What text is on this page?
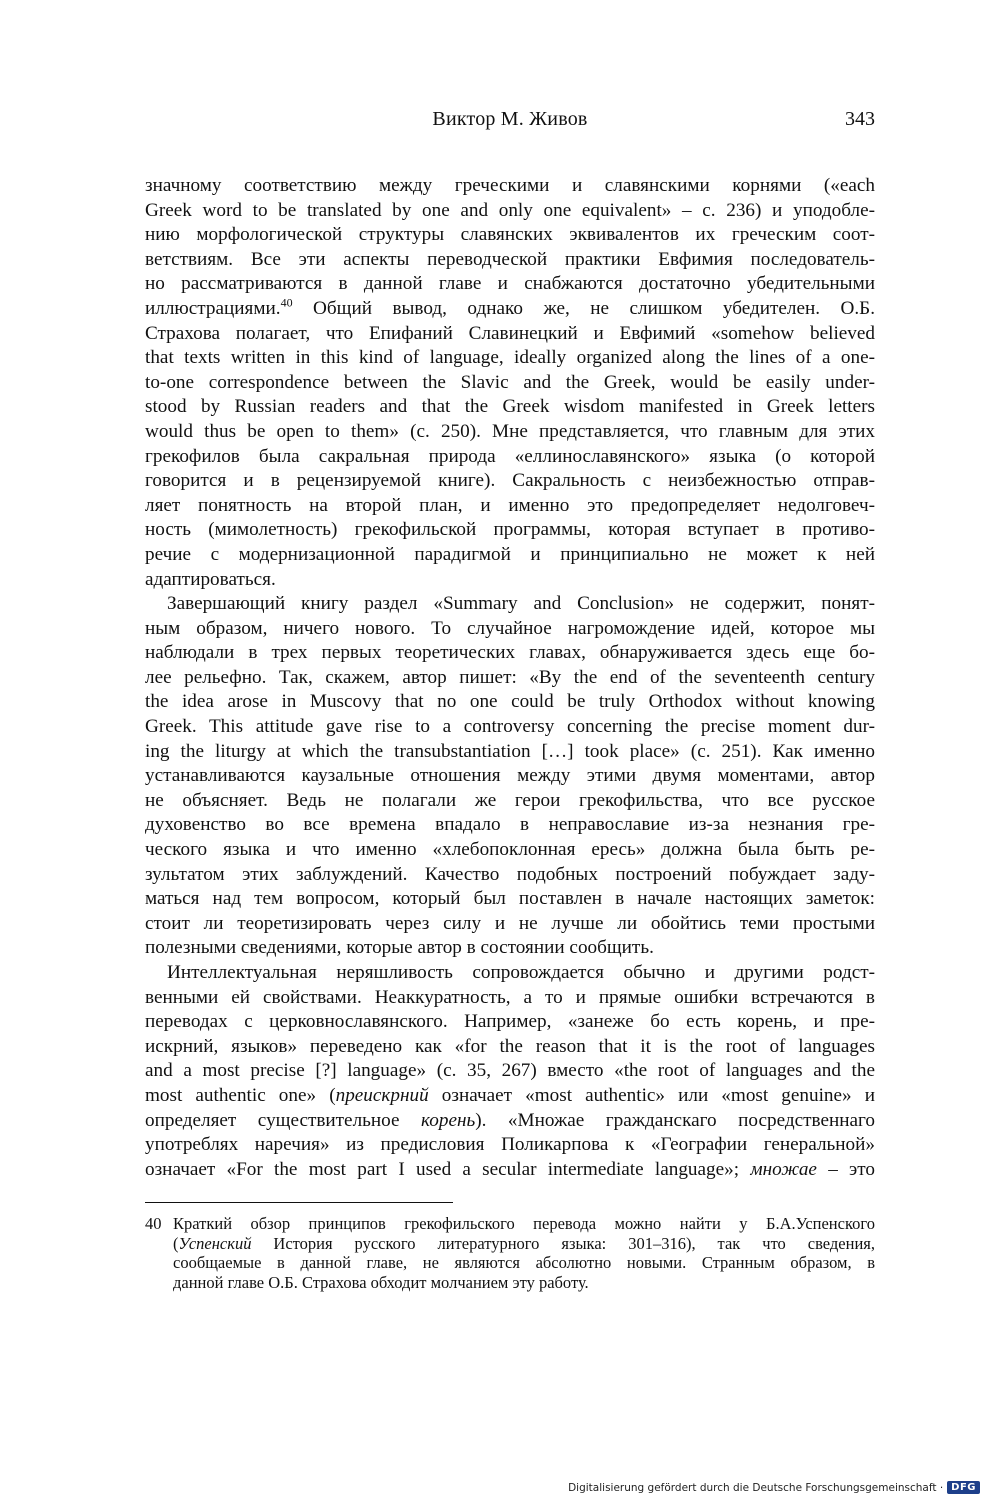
Виктор М. Живов	343
значному соответствию между греческими и славянскими корнями («each
Greek word to be translated by one and only one equivalent» – c. 236) и уподобле-
нию морфологической структуры славянских эквивалентов их греческим соот-
ветствиям. Все эти аспекты переводческой практики Евфимия последователь-
но рассматриваются в данной главе и снабжаются достаточно убедительными
иллюстрациями.$^{40}$ Общий вывод, однако же, не слишком убедителен. О.Б.
Страхова полагает, что Епифаний Славинецкий и Евфимий «somehow believed
that texts written in this kind of language, ideally organized along the lines of a one-
to-one correspondence between the Slavic and the Greek, would be easily under-
stood by Russian readers and that the Greek wisdom manifested in Greek letters
would thus be open to them» (c. 250). Мне представляется, что главным для этих
грекофилов была сакральная природа «еллинославянского» языка (о которой
говорится и в рецензируемой книге). Сакральность с неизбежностью отправ-
ляет понятность на второй план, и именно это предопределяет недолговеч-
ность (мимолетность) грекофильской программы, которая вступает в противо-
речие с модернизационной парадигмой и принципиально не может к ней
адаптироваться.
Завершающий книгу раздел «Summary and Conclusion» не содержит, понят-
ным образом, ничего нового. То случайное нагромождение идей, которое мы
наблюдали в трех первых теоретических главах, обнаруживается здесь еще бо-
лее рельефно. Так, скажем, автор пишет: «By the end of the seventeenth century
the idea arose in Muscovy that no one could be truly Orthodox without knowing
Greek. This attitude gave rise to a controversy concerning the precise moment dur-
ing the liturgy at which the transubstantiation […] took place» (c. 251). Как именно
устанавливаются каузальные отношения между этими двумя моментами, автор
не объясняет. Ведь не полагали же герои грекофильства, что все русское
духовенство во все времена впадало в неправославие из-за незнания гре-
ческого языка и что именно «хлебопоклонная ересь» должна была быть ре-
зультатом этих заблуждений. Качество подобных построений побуждает заду-
маться над тем вопросом, который был поставлен в начале настоящих заметок:
стоит ли теоретизировать через силу и не лучше ли обойтись теми простыми
полезными сведениями, которые автор в состоянии сообщить.
Интеллектуальная неряшливость сопровождается обычно и другими родст-
венными ей свойствами. Неаккуратность, а то и прямые ошибки встречаются в
переводах с церковнославянского. Например, «занеже бо есть корень, и пре-
искрний, языков» переведено как «for the reason that it is the root of languages
and a most precise [?] language» (c. 35, 267) вместо «the root of languages and the
most authentic one» (преискрний означает «most authentic» или «most genuine» и
определяет существительное корень). «Множае гражданскаго посредственнаго
употреблях наречия» из предисловия Поликарпова к «Географии генеральной»
означает «For the most part I used a secular intermediate language»; множае – это
40 Краткий обзор принципов грекофильского перевода можно найти у Б.А.Успенского
(Успенский История русского литературного языка: 301–316), так что сведения,
сообщаемые в данной главе, не являются абсолютно новыми. Странным образом, в
данной главе О.Б. Страхова обходит молчанием эту работу.
Digitalisierung gefördert durch die Deutsche Forschungsgemeinschaft · DFG
